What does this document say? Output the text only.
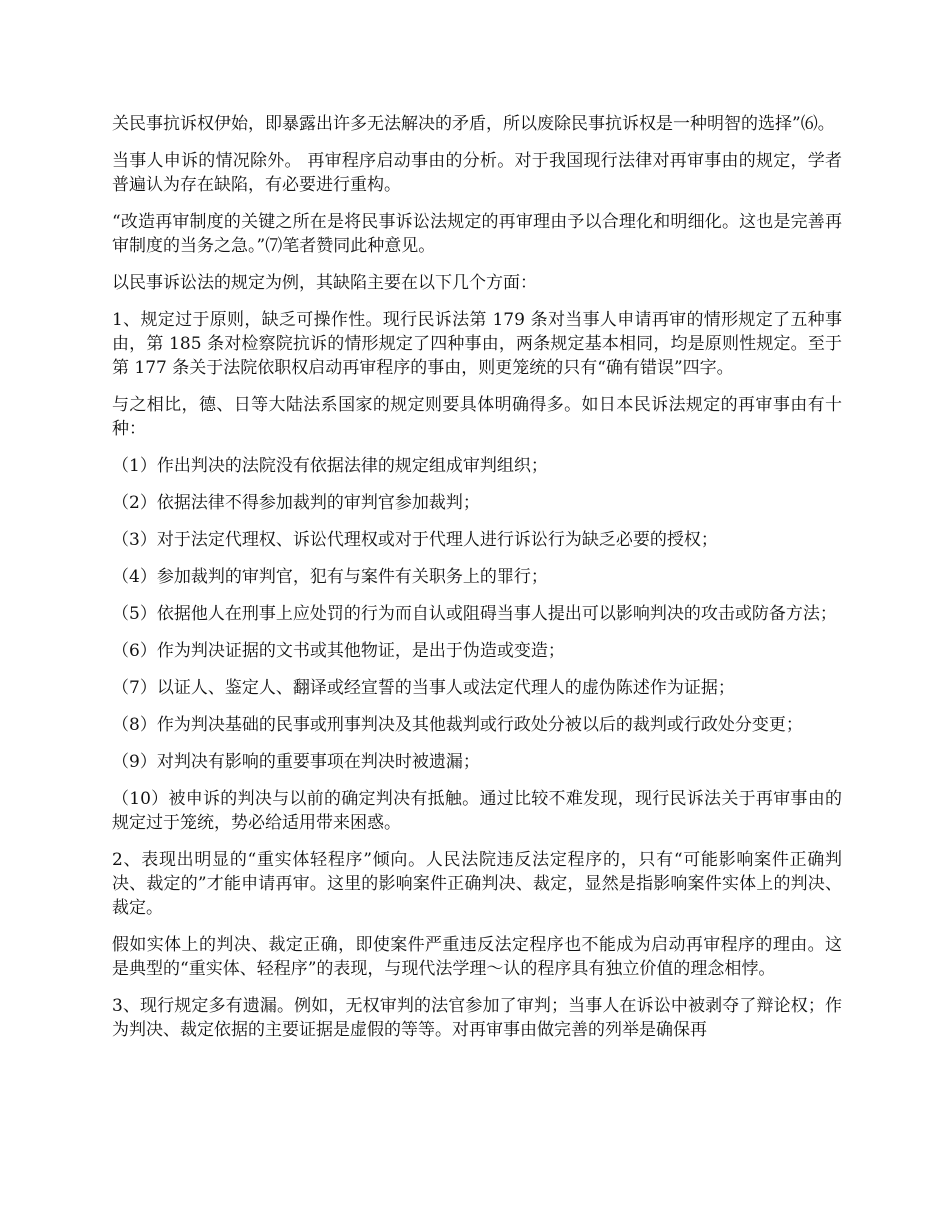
关民事抗诉权伊始，即暴露出许多无法解决的矛盾，所以废除民事抗诉权是一种明智的选择”⑹。

当事人申诉的情况除外。 再审程序启动事由的分析。对于我国现行法律对再审事由的规定，学者普遍认为存在缺陷，有必要进行重构。

“改造再审制度的关键之所在是将民事诉讼法规定的再审理由予以合理化和明细化。这也是完善再审制度的当务之急。”⑺笔者赞同此种意见。

以民事诉讼法的规定为例，其缺陷主要在以下几个方面：

1、规定过于原则，缺乏可操作性。现行民诉法第 179 条对当事人申请再审的情形规定了五种事由，第 185 条对检察院抗诉的情形规定了四种事由，两条规定基本相同，均是原则性规定。至于第 177 条关于法院依职权启动再审程序的事由，则更笼统的只有“确有错误”四字。

与之相比，德、日等大陆法系国家的规定则要具体明确得多。如日本民诉法规定的再审事由有十种：

（1）作出判决的法院没有依据法律的规定组成审判组织；

（2）依据法律不得参加裁判的审判官参加裁判；

（3）对于法定代理权、诉讼代理权或对于代理人进行诉讼行为缺乏必要的授权；

（4）参加裁判的审判官，犯有与案件有关职务上的罪行；

（5）依据他人在刑事上应处罚的行为而自认或阻碍当事人提出可以影响判决的攻击或防备方法；

（6）作为判决证据的文书或其他物证，是出于伪造或变造；

（7）以证人、鉴定人、翻译或经宣誓的当事人或法定代理人的虚伪陈述作为证据；

（8）作为判决基础的民事或刑事判决及其他裁判或行政处分被以后的裁判或行政处分变更；

（9）对判决有影响的重要事项在判决时被遗漏；

（10）被申诉的判决与以前的确定判决有抵触。通过比较不难发现，现行民诉法关于再审事由的规定过于笼统，势必给适用带来困惑。

2、表现出明显的“重实体轻程序”倾向。人民法院违反法定程序的，只有“可能影响案件正确判决、裁定的”才能申请再审。这里的影响案件正确判决、裁定，显然是指影响案件实体上的判决、裁定。

假如实体上的判决、裁定正确，即使案件严重违反法定程序也不能成为启动再审程序的理由。这是典型的“重实体、轻程序”的表现，与现代法学理～认的程序具有独立价值的理念相悖。

3、现行规定多有遗漏。例如，无权审判的法官参加了审判；当事人在诉讼中被剥夺了辩论权；作为判决、裁定依据的主要证据是虚假的等等。对再审事由做完善的列举是确保再
